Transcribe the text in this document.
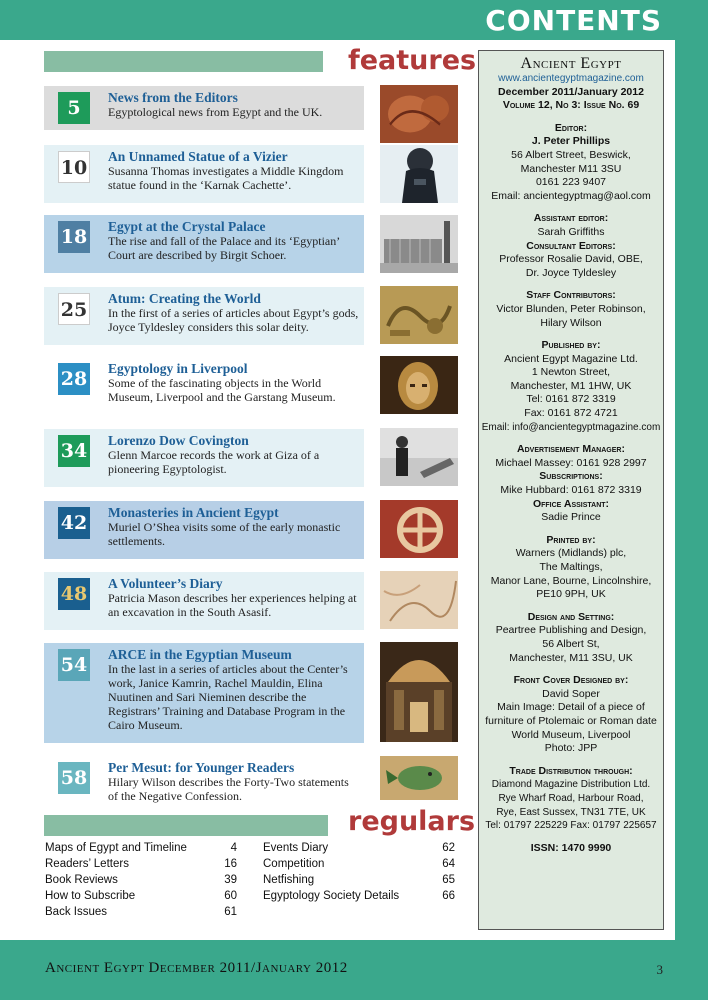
CONTENTS
features
5	News from the Editors
Egyptological news from Egypt and the UK.
10
An Unnamed Statue of a Vizier
Susanna Thomas investigates a Middle Kingdom statue found in the ‘Karnak Cachette’.
18 Egypt at the Crystal Palace
The rise and fall of the Palace and its ‘Egyptian’ Court are described by Birgit Schoer.
25
Atum: Creating the World
In the first of a series of articles about Egypt’s gods, Joyce Tyldesley considers this solar deity.
28 Egyptology in Liverpool
Some of the fascinating objects in the World Museum, Liverpool and the Garstang Museum.
34 Lorenzo Dow Covington
Glenn Marcoe records the work at Giza of a pioneering Egyptologist.
42 Monasteries in Ancient Egypt
Muriel O’Shea visits some of the early monastic settlements.
48 A Volunteer’s Diary
Patricia Mason describes her experiences helping at an excavation in the South Asasif.
54 ARCE in the Egyptian Museum
In the last in a series of articles about the Center’s work, Janice Kamrin, Rachel Mauldin, Elina Nuutinen and Sari Nieminen describe the Registrars’ Training and Database Program in the Cairo Museum.
58 Per Mesut: for Younger Readers
Hilary Wilson describes the Forty-Two statements of the Negative Confession.
regulars
Maps of Egypt and Timeline	4
Readers’ Letters	16
Book Reviews	39
How to Subscribe	60
Back Issues	61
Events Diary	62
Competition	64
Netfishing	65
Egyptology Society Details	66
Ancient Egypt
www.ancientegyptmagazine.com
December 2011/January 2012
Volume 12, No 3: Issue No. 69
Editor:
J. Peter Phillips
56 Albert Street, Beswick,
Manchester M11 3SU
0161 223 9407
Email: ancientegyptmag@aol.com
Assistant editor:
Sarah Griffiths
Consultant Editors:
Professor Rosalie David, OBE,
Dr. Joyce Tyldesley
Staff Contributors:
Victor Blunden, Peter Robinson,
Hilary Wilson
Published by:
Ancient Egypt Magazine Ltd.
1 Newton Street,
Manchester, M1 1HW, UK
Tel: 0161 872 3319
Fax: 0161 872 4721
Email: info@ancientegyptmagazine.com
Advertisement Manager:
Michael Massey: 0161 928 2997
Subscriptions:
Mike Hubbard: 0161 872 3319
Office Assistant:
Sadie Prince
Printed by:
Warners (Midlands) plc,
The Maltings,
Manor Lane, Bourne, Lincolnshire,
PE10 9PH, UK
Design and Setting:
Peartree Publishing and Design,
56 Albert St,
Manchester, M11 3SU, UK
Front Cover Designed by:
David Soper
Main Image: Detail of a piece of
furniture of Ptolemaic or Roman date
World Museum, Liverpool
Photo: JPP
Trade Distribution through:
Diamond Magazine Distribution Ltd.
Rye Wharf Road, Harbour Road,
Rye, East Sussex, TN31 7TE, UK
Tel: 01797 225229 Fax: 01797 225657
ISSN: 1470 9990
Ancient Egypt December 2011/January 2012	3
